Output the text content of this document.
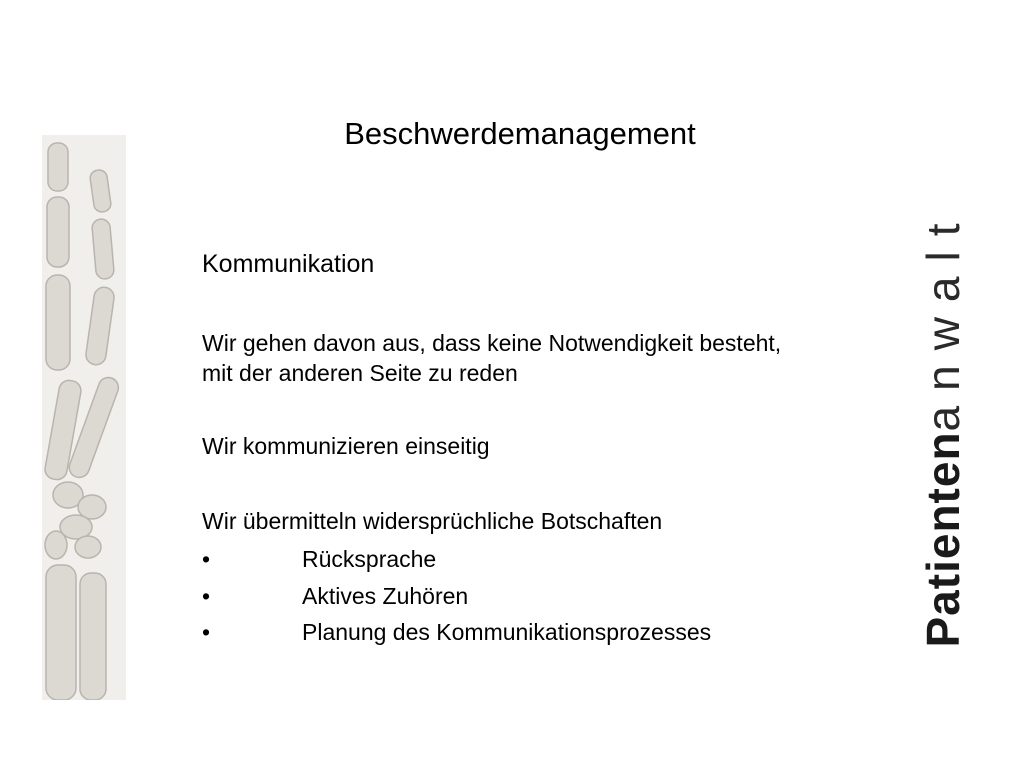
Beschwerdemanagement
Kommunikation
Wir gehen davon aus, dass keine Notwendigkeit besteht, mit der anderen Seite zu reden
Wir kommunizieren einseitig
Wir übermitteln widersprüchliche Botschaften
•	Rücksprache
•	Aktives Zuhören
•	Planung des Kommunikationsprozesses	Patientenanwalt
